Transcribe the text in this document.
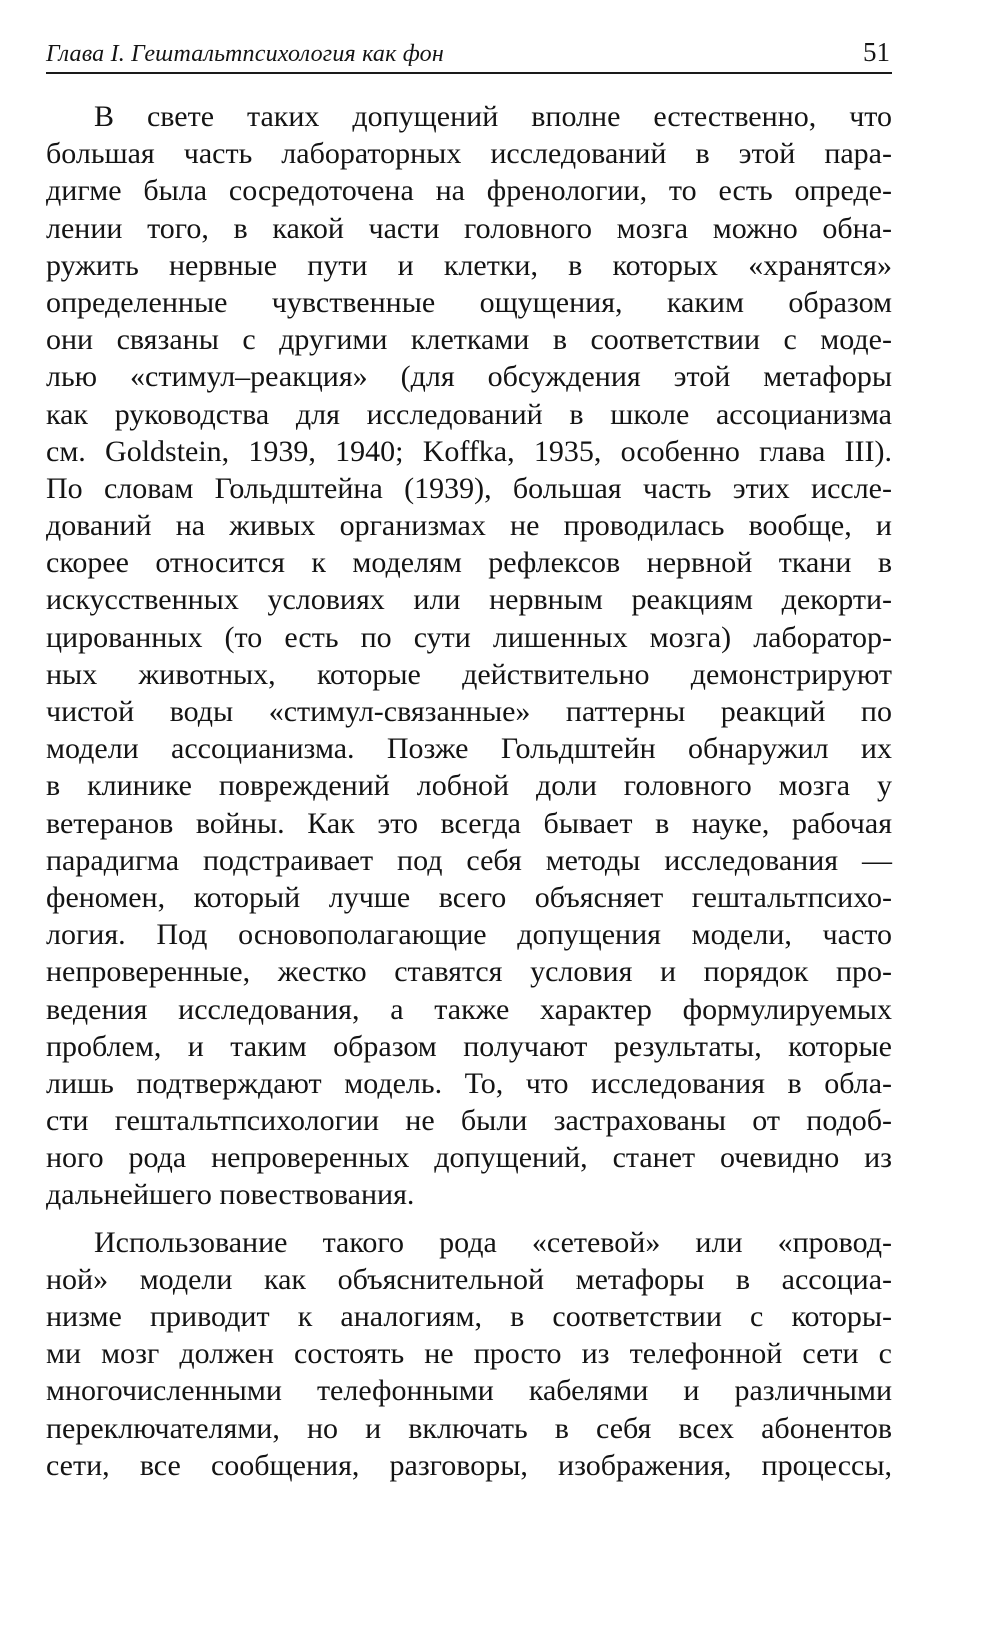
Глава I. Гештальтпсихология как фон	51
В свете таких допущений вполне естественно, что
большая часть лабораторных исследований в этой пара-
дигме была сосредоточена на френологии, то есть опреде-
лении того, в какой части головного мозга можно обна-
ружить нервные пути и клетки, в которых «хранятся»
определенные чувственные ощущения, каким образом
они связаны с другими клетками в соответствии с моде-
лью «стимул–реакция» (для обсуждения этой метафоры
как руководства для исследований в школе ассоцианизма
см. Goldstein, 1939, 1940; Koffka, 1935, особенно глава III).
По словам Гольдштейна (1939), большая часть этих иссле-
дований на живых организмах не проводилась вообще, и
скорее относится к моделям рефлексов нервной ткани в
искусственных условиях или нервным реакциям декорти-
цированных (то есть по сути лишенных мозга) лаборатор-
ных животных, которые действительно демонстрируют
чистой воды «стимул-связанные» паттерны реакций по
модели ассоцианизма. Позже Гольдштейн обнаружил их
в клинике повреждений лобной доли головного мозга у
ветеранов войны. Как это всегда бывает в науке, рабочая
парадигма подстраивает под себя методы исследования —
феномен, который лучше всего объясняет гештальтпсихо-
логия. Под основополагающие допущения модели, часто
непроверенные, жестко ставятся условия и порядок про-
ведения исследования, а также характер формулируемых
проблем, и таким образом получают результаты, которые
лишь подтверждают модель. То, что исследования в обла-
сти гештальтпсихологии не были застрахованы от подоб-
ного рода непроверенных допущений, станет очевидно из
дальнейшего повествования.
Использование такого рода «сетевой» или «провод-
ной» модели как объяснительной метафоры в ассоциа-
низме приводит к аналогиям, в соответствии с которы-
ми мозг должен состоять не просто из телефонной сети с
многочисленными телефонными кабелями и различными
переключателями, но и включать в себя всех абонентов
сети, все сообщения, разговоры, изображения, процессы,
